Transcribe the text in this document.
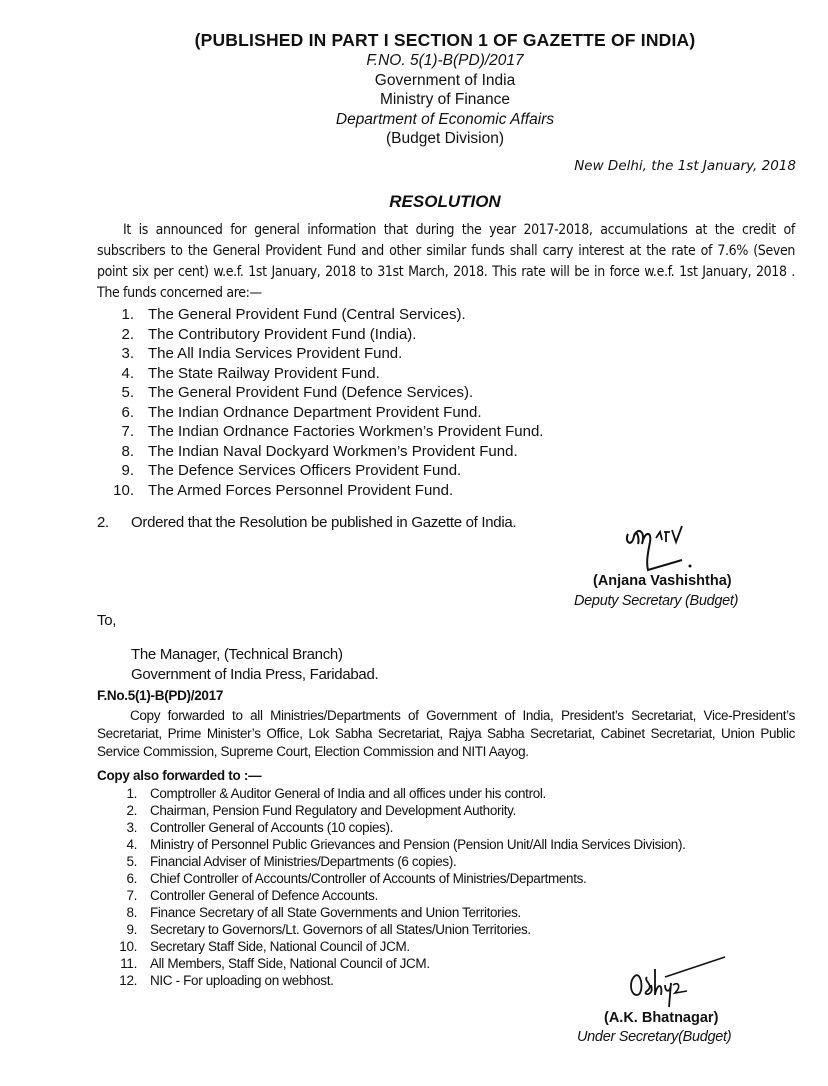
(PUBLISHED IN PART I SECTION 1 OF GAZETTE OF INDIA)
F.NO. 5(1)-B(PD)/2017
Government of India
Ministry of Finance
Department of Economic Affairs
(Budget Division)
New Delhi, the 1st January, 2018
RESOLUTION
It is announced for general information that during the year 2017-2018, accumulations at the credit of subscribers to the General Provident Fund and other similar funds shall carry interest at the rate of 7.6% (Seven point six per cent) w.e.f. 1st January, 2018 to 31st March, 2018. This rate will be in force w.e.f. 1st January, 2018 . The funds concerned are:—
1. The General Provident Fund (Central Services).
2. The Contributory Provident Fund (India).
3. The All India Services Provident Fund.
4. The State Railway Provident Fund.
5. The General Provident Fund (Defence Services).
6. The Indian Ordnance Department Provident Fund.
7. The Indian Ordnance Factories Workmen’s Provident Fund.
8. The Indian Naval Dockyard Workmen’s Provident Fund.
9. The Defence Services Officers Provident Fund.
10. The Armed Forces Personnel Provident Fund.
2. Ordered that the Resolution be published in Gazette of India.
(Anjana Vashishtha)
Deputy Secretary (Budget)
To,
The Manager, (Technical Branch)
Government of India Press, Faridabad.
F.No.5(1)-B(PD)/2017
Copy forwarded to all Ministries/Departments of Government of India, President’s Secretariat, Vice-President’s Secretariat, Prime Minister’s Office, Lok Sabha Secretariat, Rajya Sabha Secretariat, Cabinet Secretariat, Union Public Service Commission, Supreme Court, Election Commission and NITI Aayog.
Copy also forwarded to :—
1. Comptroller & Auditor General of India and all offices under his control.
2. Chairman, Pension Fund Regulatory and Development Authority.
3. Controller General of Accounts (10 copies).
4. Ministry of Personnel Public Grievances and Pension (Pension Unit/All India Services Division).
5. Financial Adviser of Ministries/Departments (6 copies).
6. Chief Controller of Accounts/Controller of Accounts of Ministries/Departments.
7. Controller General of Defence Accounts.
8. Finance Secretary of all State Governments and Union Territories.
9. Secretary to Governors/Lt. Governors of all States/Union Territories.
10. Secretary Staff Side, National Council of JCM.
11. All Members, Staff Side, National Council of JCM.
12. NIC - For uploading on webhost.
(A.K. Bhatnagar)
Under Secretary(Budget)
